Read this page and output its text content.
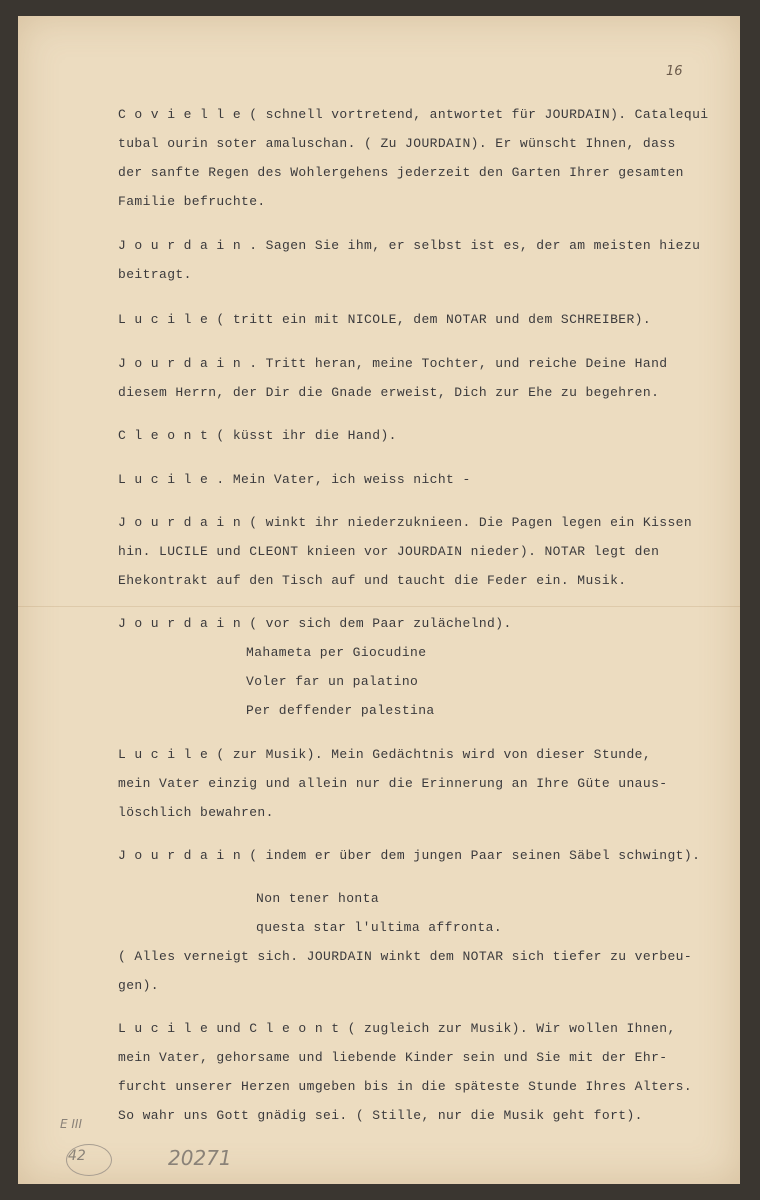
16
C o v i e l l e ( schnell vortretend, antwortet für JOURDAIN). Catalequi
tubal ourin soter amaluschan. ( Zu JOURDAIN). Er wünscht Ihnen, dass
der sanfte Regen des Wohlergehens jederzeit den Garten Ihrer gesamten
Familie befruchte.
J o u r d a i n . Sagen Sie ihm, er selbst ist es, der am meisten hiezu
beitragt.
L u c i l e ( tritt ein mit NICOLE, dem NOTAR und dem SCHREIBER).
J o u r d a i n . Tritt heran, meine Tochter, und reiche Deine Hand
diesem Herrn, der Dir die Gnade erweist, Dich zur Ehe zu begehren.
C l e o n t ( küsst ihr die Hand).
L u c i l e . Mein Vater, ich weiss nicht -
J o u r d a i n ( winkt ihr niederzuknieen. Die Pagen legen ein Kissen
hin. LUCILE und CLEONT knieen vor JOURDAIN nieder). NOTAR legt den
Ehekontrakt auf den Tisch auf und taucht die Feder ein. Musik.
J o u r d a i n ( vor sich dem Paar zulächelnd).
Mahameta per Giocudine
Voler far un palatino
Per deffender palestina
L u c i l e ( zur Musik). Mein Gedächtnis wird von dieser Stunde,
mein Vater einzig und allein nur die Erinnerung an Ihre Güte unaus-
löschlich bewahren.
J o u r d a i n ( indem er über dem jungen Paar seinen Säbel schwingt).
Non tener honta
questa star l'ultima affronta.
( Alles verneigt sich. JOURDAIN winkt dem NOTAR sich tiefer zu verbeu-
gen).
L u c i l e und C l e o n t ( zugleich zur Musik). Wir wollen Ihnen,
mein Vater, gehorsame und liebende Kinder sein und Sie mit der Ehr-
furcht unserer Herzen umgeben bis in die späteste Stunde Ihres Alters.
So wahr uns Gott gnädig sei. ( Stille, nur die Musik geht fort).
E III
42	20271
